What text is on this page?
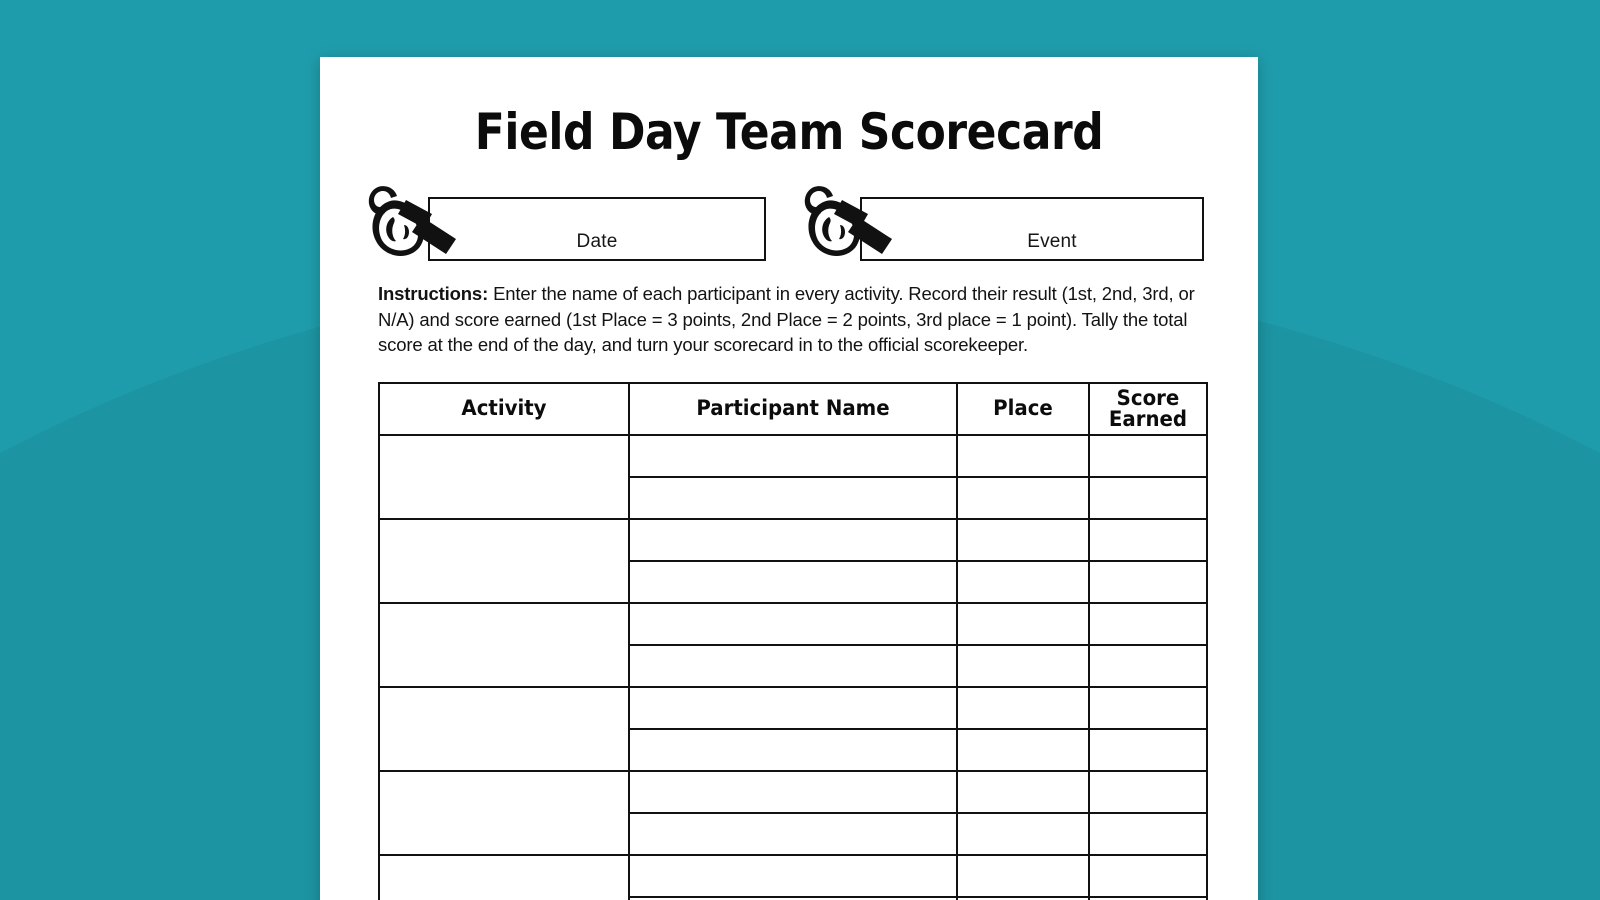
Field Day Team Scorecard
Date	Event

Instructions: Enter the name of each participant in every activity. Record their result (1st, 2nd, 3rd, or N/A) and score earned (1st Place = 3 points, 2nd Place = 2 points, 3rd place = 1 point). Tally the total score at the end of the day, and turn your scorecard in to the official scorekeeper.

Activity	Participant Name	Place	Score
Earned
